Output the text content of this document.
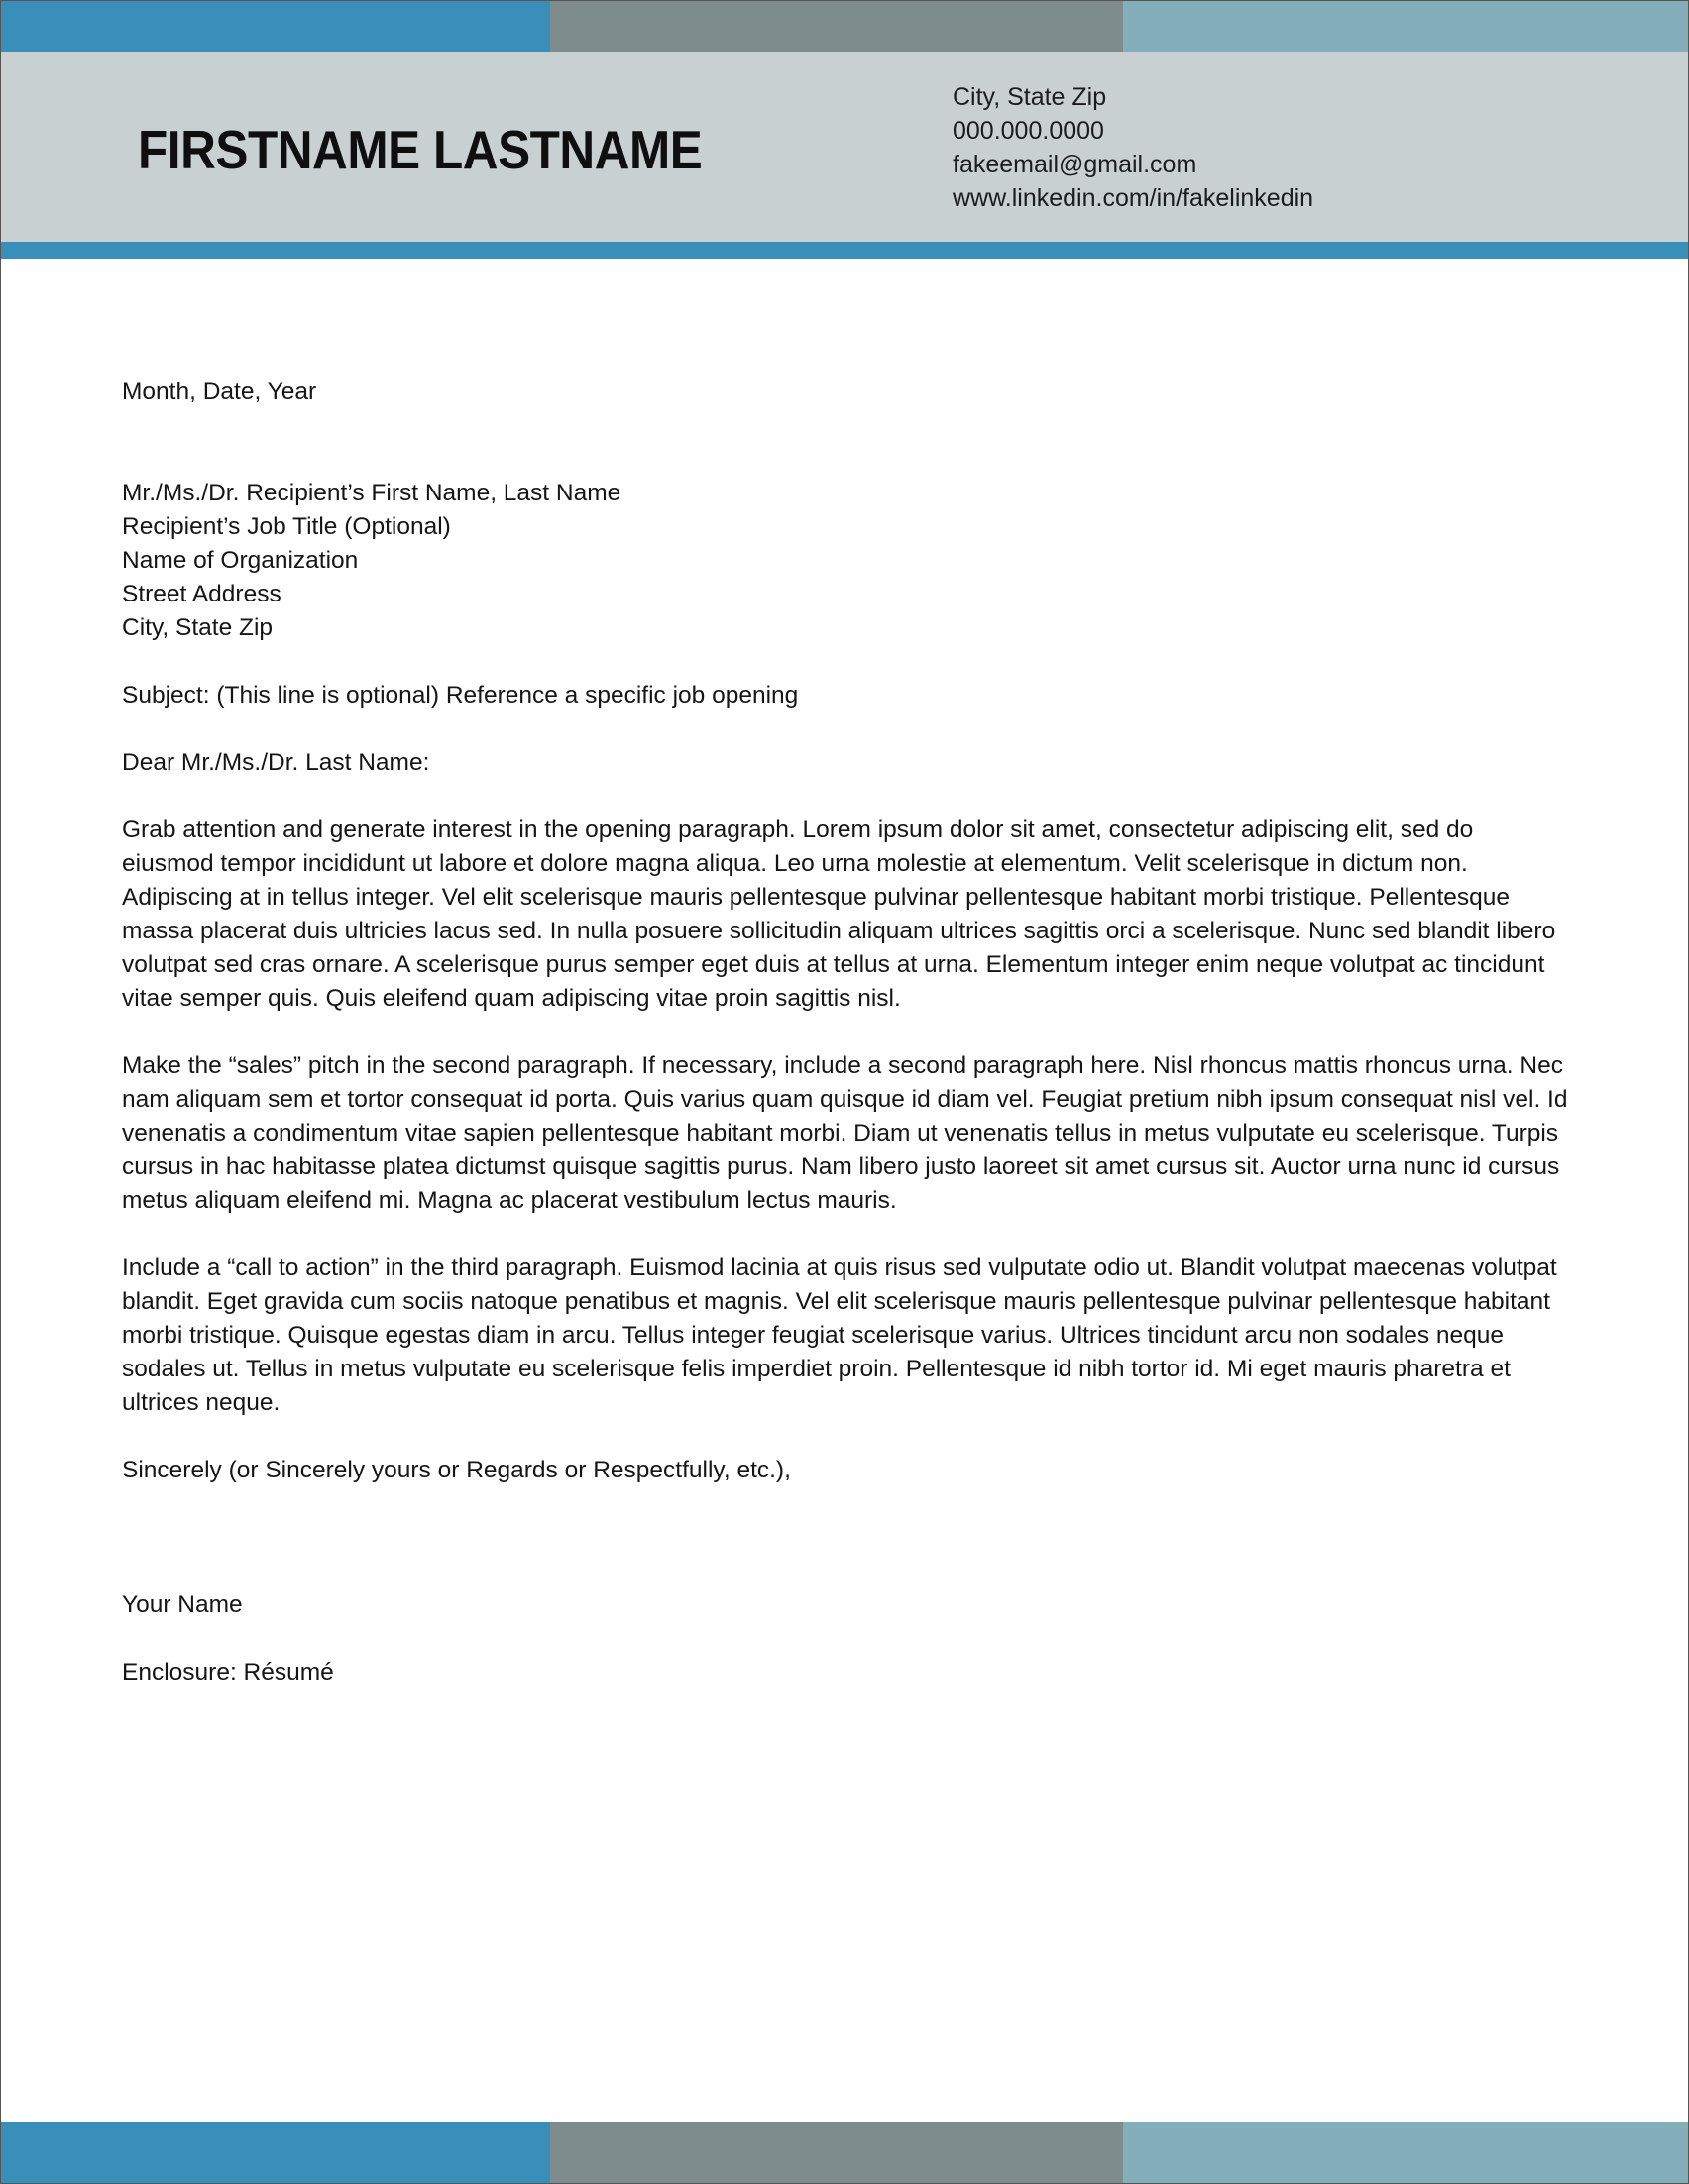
FIRSTNAME LASTNAME
City, State Zip
000.000.0000
fakeemail@gmail.com
www.linkedin.com/in/fakelinkedin

Month, Date, Year

Mr./Ms./Dr. Recipient’s First Name, Last Name
Recipient’s Job Title (Optional)
Name of Organization
Street Address
City, State Zip

Subject: (This line is optional) Reference a specific job opening

Dear Mr./Ms./Dr. Last Name:

Grab attention and generate interest in the opening paragraph. Lorem ipsum dolor sit amet, consectetur adipiscing elit, sed do eiusmod tempor incididunt ut labore et dolore magna aliqua. Leo urna molestie at elementum. Velit scelerisque in dictum non. Adipiscing at in tellus integer. Vel elit scelerisque mauris pellentesque pulvinar pellentesque habitant morbi tristique. Pellentesque massa placerat duis ultricies lacus sed. In nulla posuere sollicitudin aliquam ultrices sagittis orci a scelerisque. Nunc sed blandit libero volutpat sed cras ornare. A scelerisque purus semper eget duis at tellus at urna. Elementum integer enim neque volutpat ac tincidunt vitae semper quis. Quis eleifend quam adipiscing vitae proin sagittis nisl.

Make the “sales” pitch in the second paragraph. If necessary, include a second paragraph here. Nisl rhoncus mattis rhoncus urna. Nec nam aliquam sem et tortor consequat id porta. Quis varius quam quisque id diam vel. Feugiat pretium nibh ipsum consequat nisl vel. Id venenatis a condimentum vitae sapien pellentesque habitant morbi. Diam ut venenatis tellus in metus vulputate eu scelerisque. Turpis cursus in hac habitasse platea dictumst quisque sagittis purus. Nam libero justo laoreet sit amet cursus sit. Auctor urna nunc id cursus metus aliquam eleifend mi. Magna ac placerat vestibulum lectus mauris.

Include a “call to action” in the third paragraph. Euismod lacinia at quis risus sed vulputate odio ut. Blandit volutpat maecenas volutpat blandit. Eget gravida cum sociis natoque penatibus et magnis. Vel elit scelerisque mauris pellentesque pulvinar pellentesque habitant morbi tristique. Quisque egestas diam in arcu. Tellus integer feugiat scelerisque varius. Ultrices tincidunt arcu non sodales neque sodales ut. Tellus in metus vulputate eu scelerisque felis imperdiet proin. Pellentesque id nibh tortor id. Mi eget mauris pharetra et ultrices neque.

Sincerely (or Sincerely yours or Regards or Respectfully, etc.),

Your Name

Enclosure: Résumé
